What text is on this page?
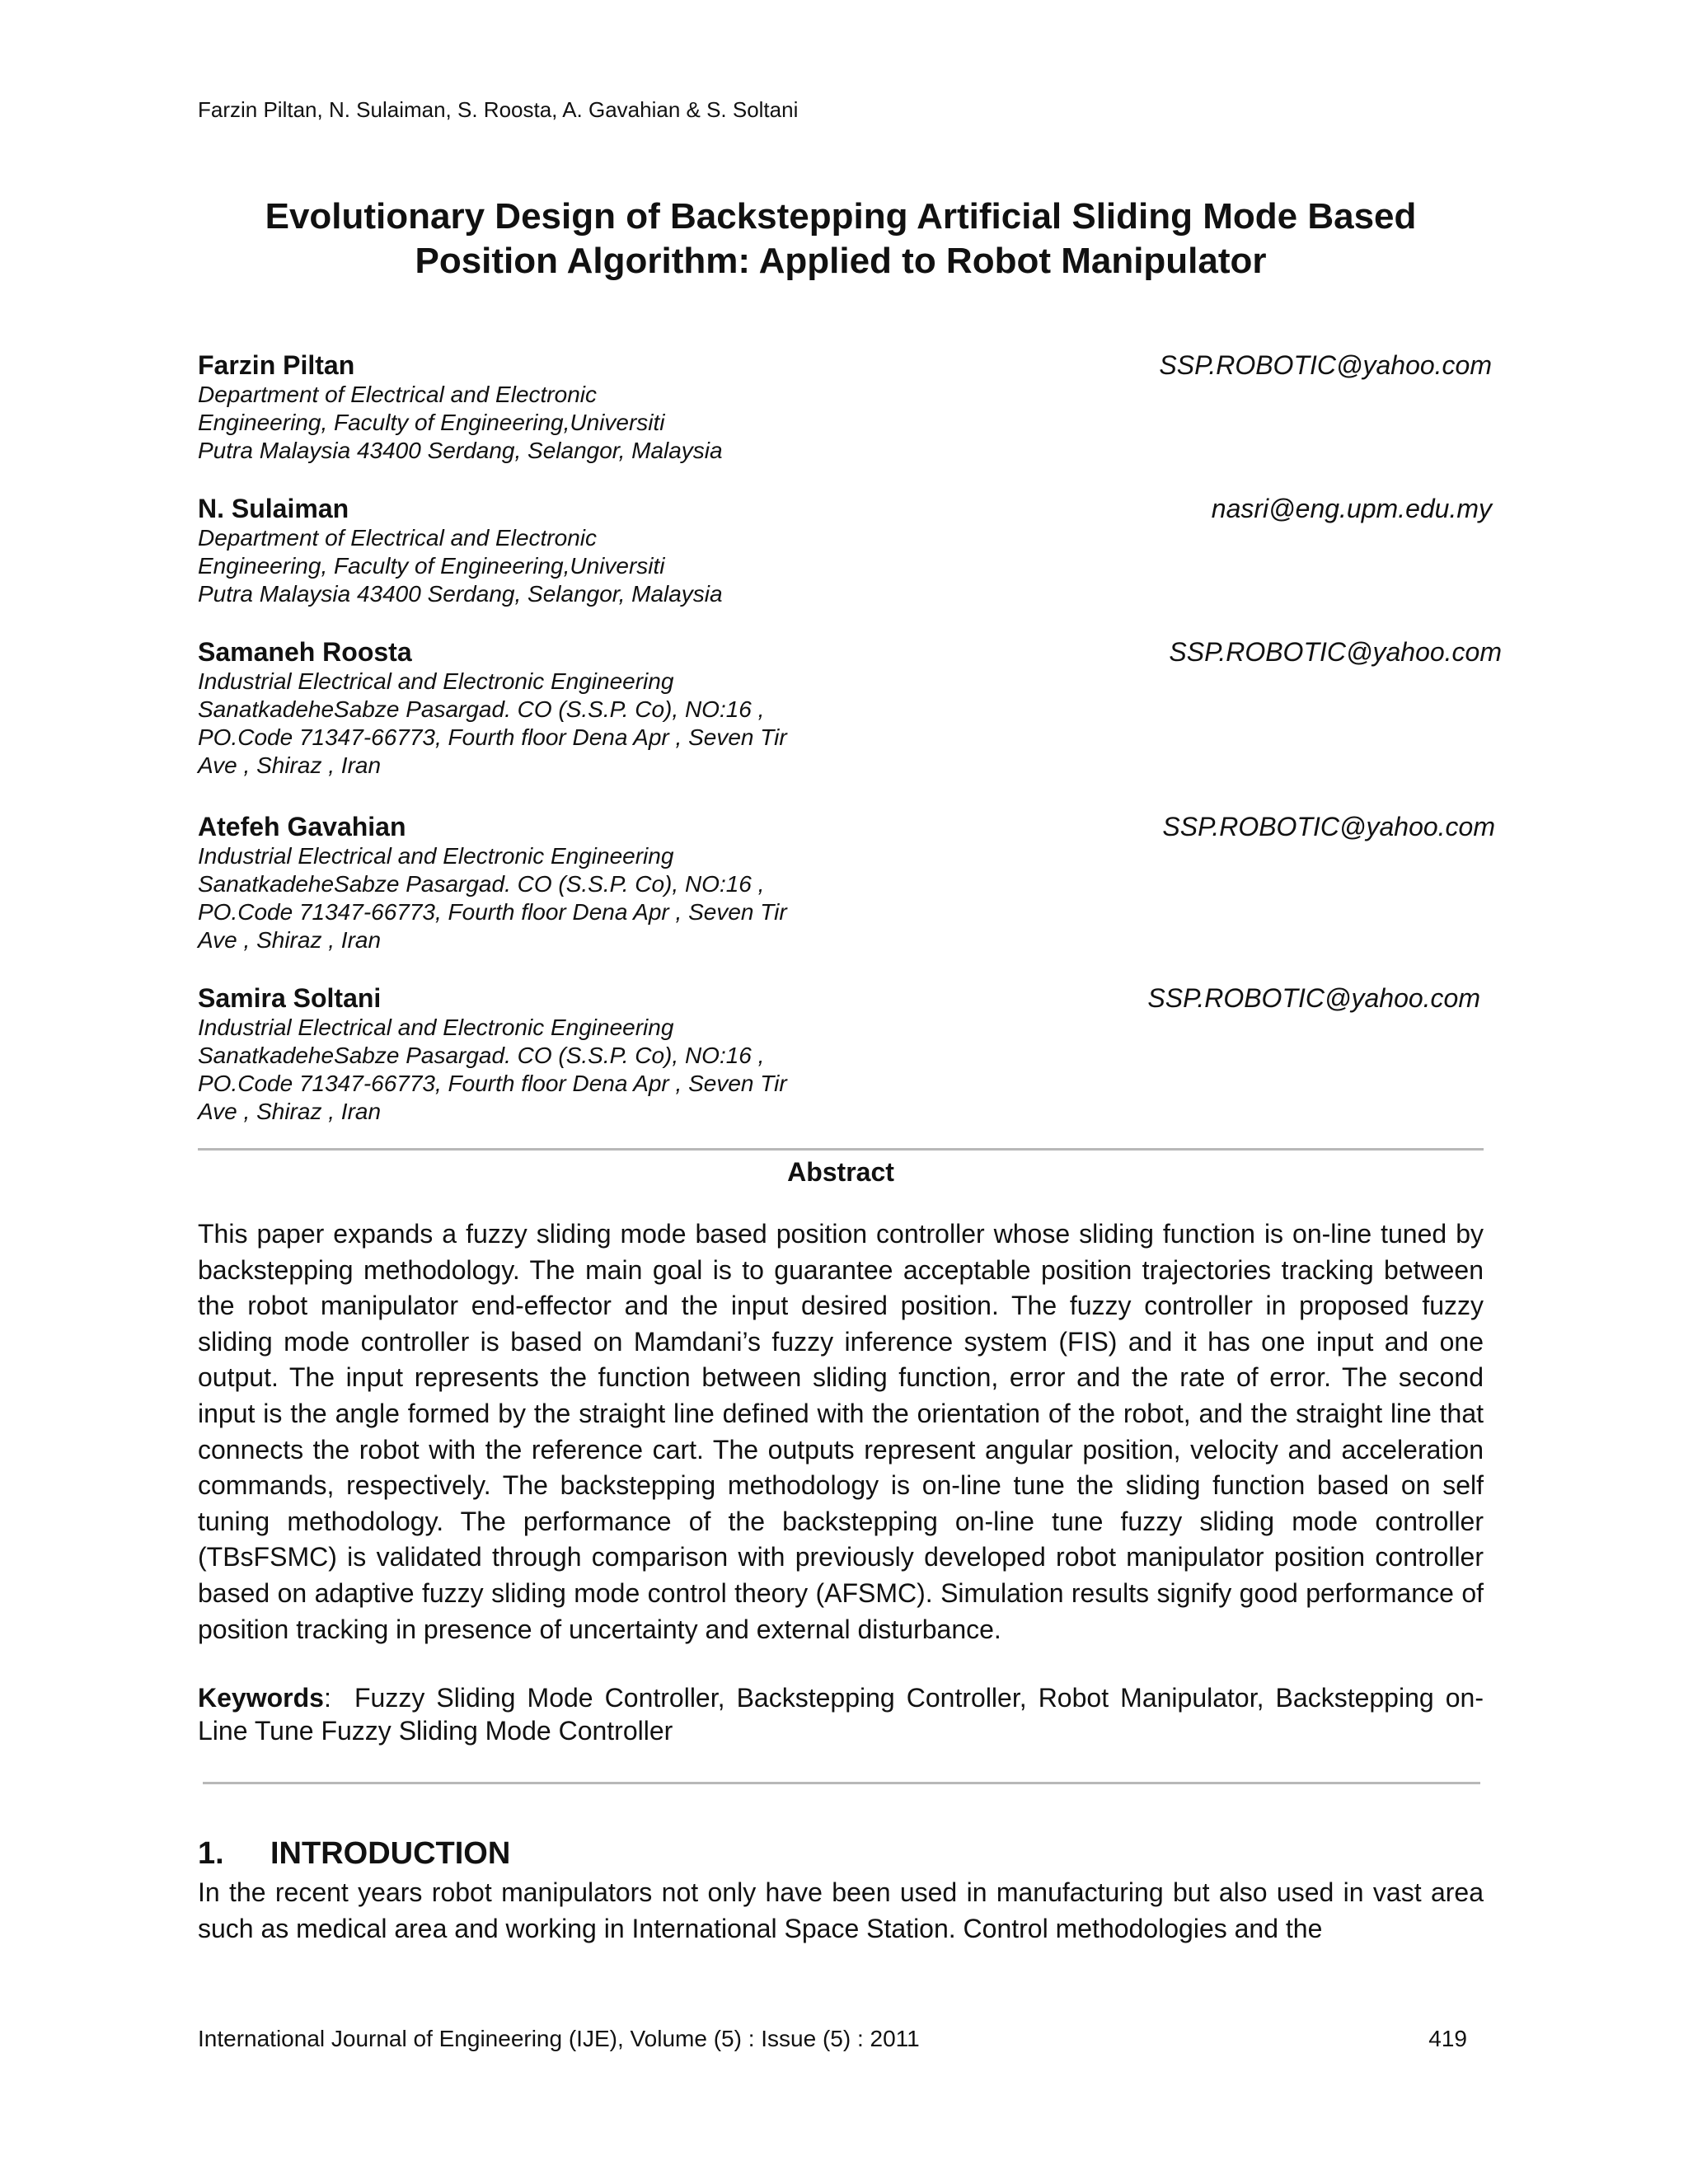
Farzin Piltan, N. Sulaiman, S. Roosta, A. Gavahian & S. Soltani
Evolutionary Design of Backstepping Artificial Sliding Mode Based
Position Algorithm: Applied to Robot Manipulator
Farzin Piltan	SSP.ROBOTIC@yahoo.com
Department of Electrical and Electronic
Engineering, Faculty of Engineering,Universiti
Putra Malaysia 43400 Serdang, Selangor, Malaysia
N. Sulaiman	nasri@eng.upm.edu.my
Department of Electrical and Electronic
Engineering, Faculty of Engineering,Universiti
Putra Malaysia 43400 Serdang, Selangor, Malaysia
Samaneh Roosta	SSP.ROBOTIC@yahoo.com
Industrial Electrical and Electronic Engineering
SanatkadeheSabze Pasargad. CO (S.S.P. Co), NO:16 ,
PO.Code 71347-66773, Fourth floor Dena Apr , Seven Tir
Ave , Shiraz , Iran
Atefeh Gavahian	SSP.ROBOTIC@yahoo.com
Industrial Electrical and Electronic Engineering
SanatkadeheSabze Pasargad. CO (S.S.P. Co), NO:16 ,
PO.Code 71347-66773, Fourth floor Dena Apr , Seven Tir
Ave , Shiraz , Iran
Samira Soltani	SSP.ROBOTIC@yahoo.com
Industrial Electrical and Electronic Engineering
SanatkadeheSabze Pasargad. CO (S.S.P. Co), NO:16 ,
PO.Code 71347-66773, Fourth floor Dena Apr , Seven Tir
Ave , Shiraz , Iran
Abstract
This paper expands a fuzzy sliding mode based position controller whose sliding function is on-line tuned by backstepping methodology. The main goal is to guarantee acceptable position trajectories tracking between the robot manipulator end-effector and the input desired position. The fuzzy controller in proposed fuzzy sliding mode controller is based on Mamdani’s fuzzy inference system (FIS) and it has one input and one output. The input represents the function between sliding function, error and the rate of error. The second input is the angle formed by the straight line defined with the orientation of the robot, and the straight line that connects the robot with the reference cart. The outputs represent angular position, velocity and acceleration commands, respectively. The backstepping methodology is on-line tune the sliding function based on self tuning methodology. The performance of the backstepping on-line tune fuzzy sliding mode controller (TBsFSMC) is validated through comparison with previously developed robot manipulator position controller based on adaptive fuzzy sliding mode control theory (AFSMC). Simulation results signify good performance of position tracking in presence of uncertainty and external disturbance.
Keywords: Fuzzy Sliding Mode Controller, Backstepping Controller, Robot Manipulator, Backstepping on-Line Tune Fuzzy Sliding Mode Controller
1. INTRODUCTION
In the recent years robot manipulators not only have been used in manufacturing but also used in vast area such as medical area and working in International Space Station. Control methodologies and the
International Journal of Engineering (IJE), Volume (5) : Issue (5) : 2011	419
